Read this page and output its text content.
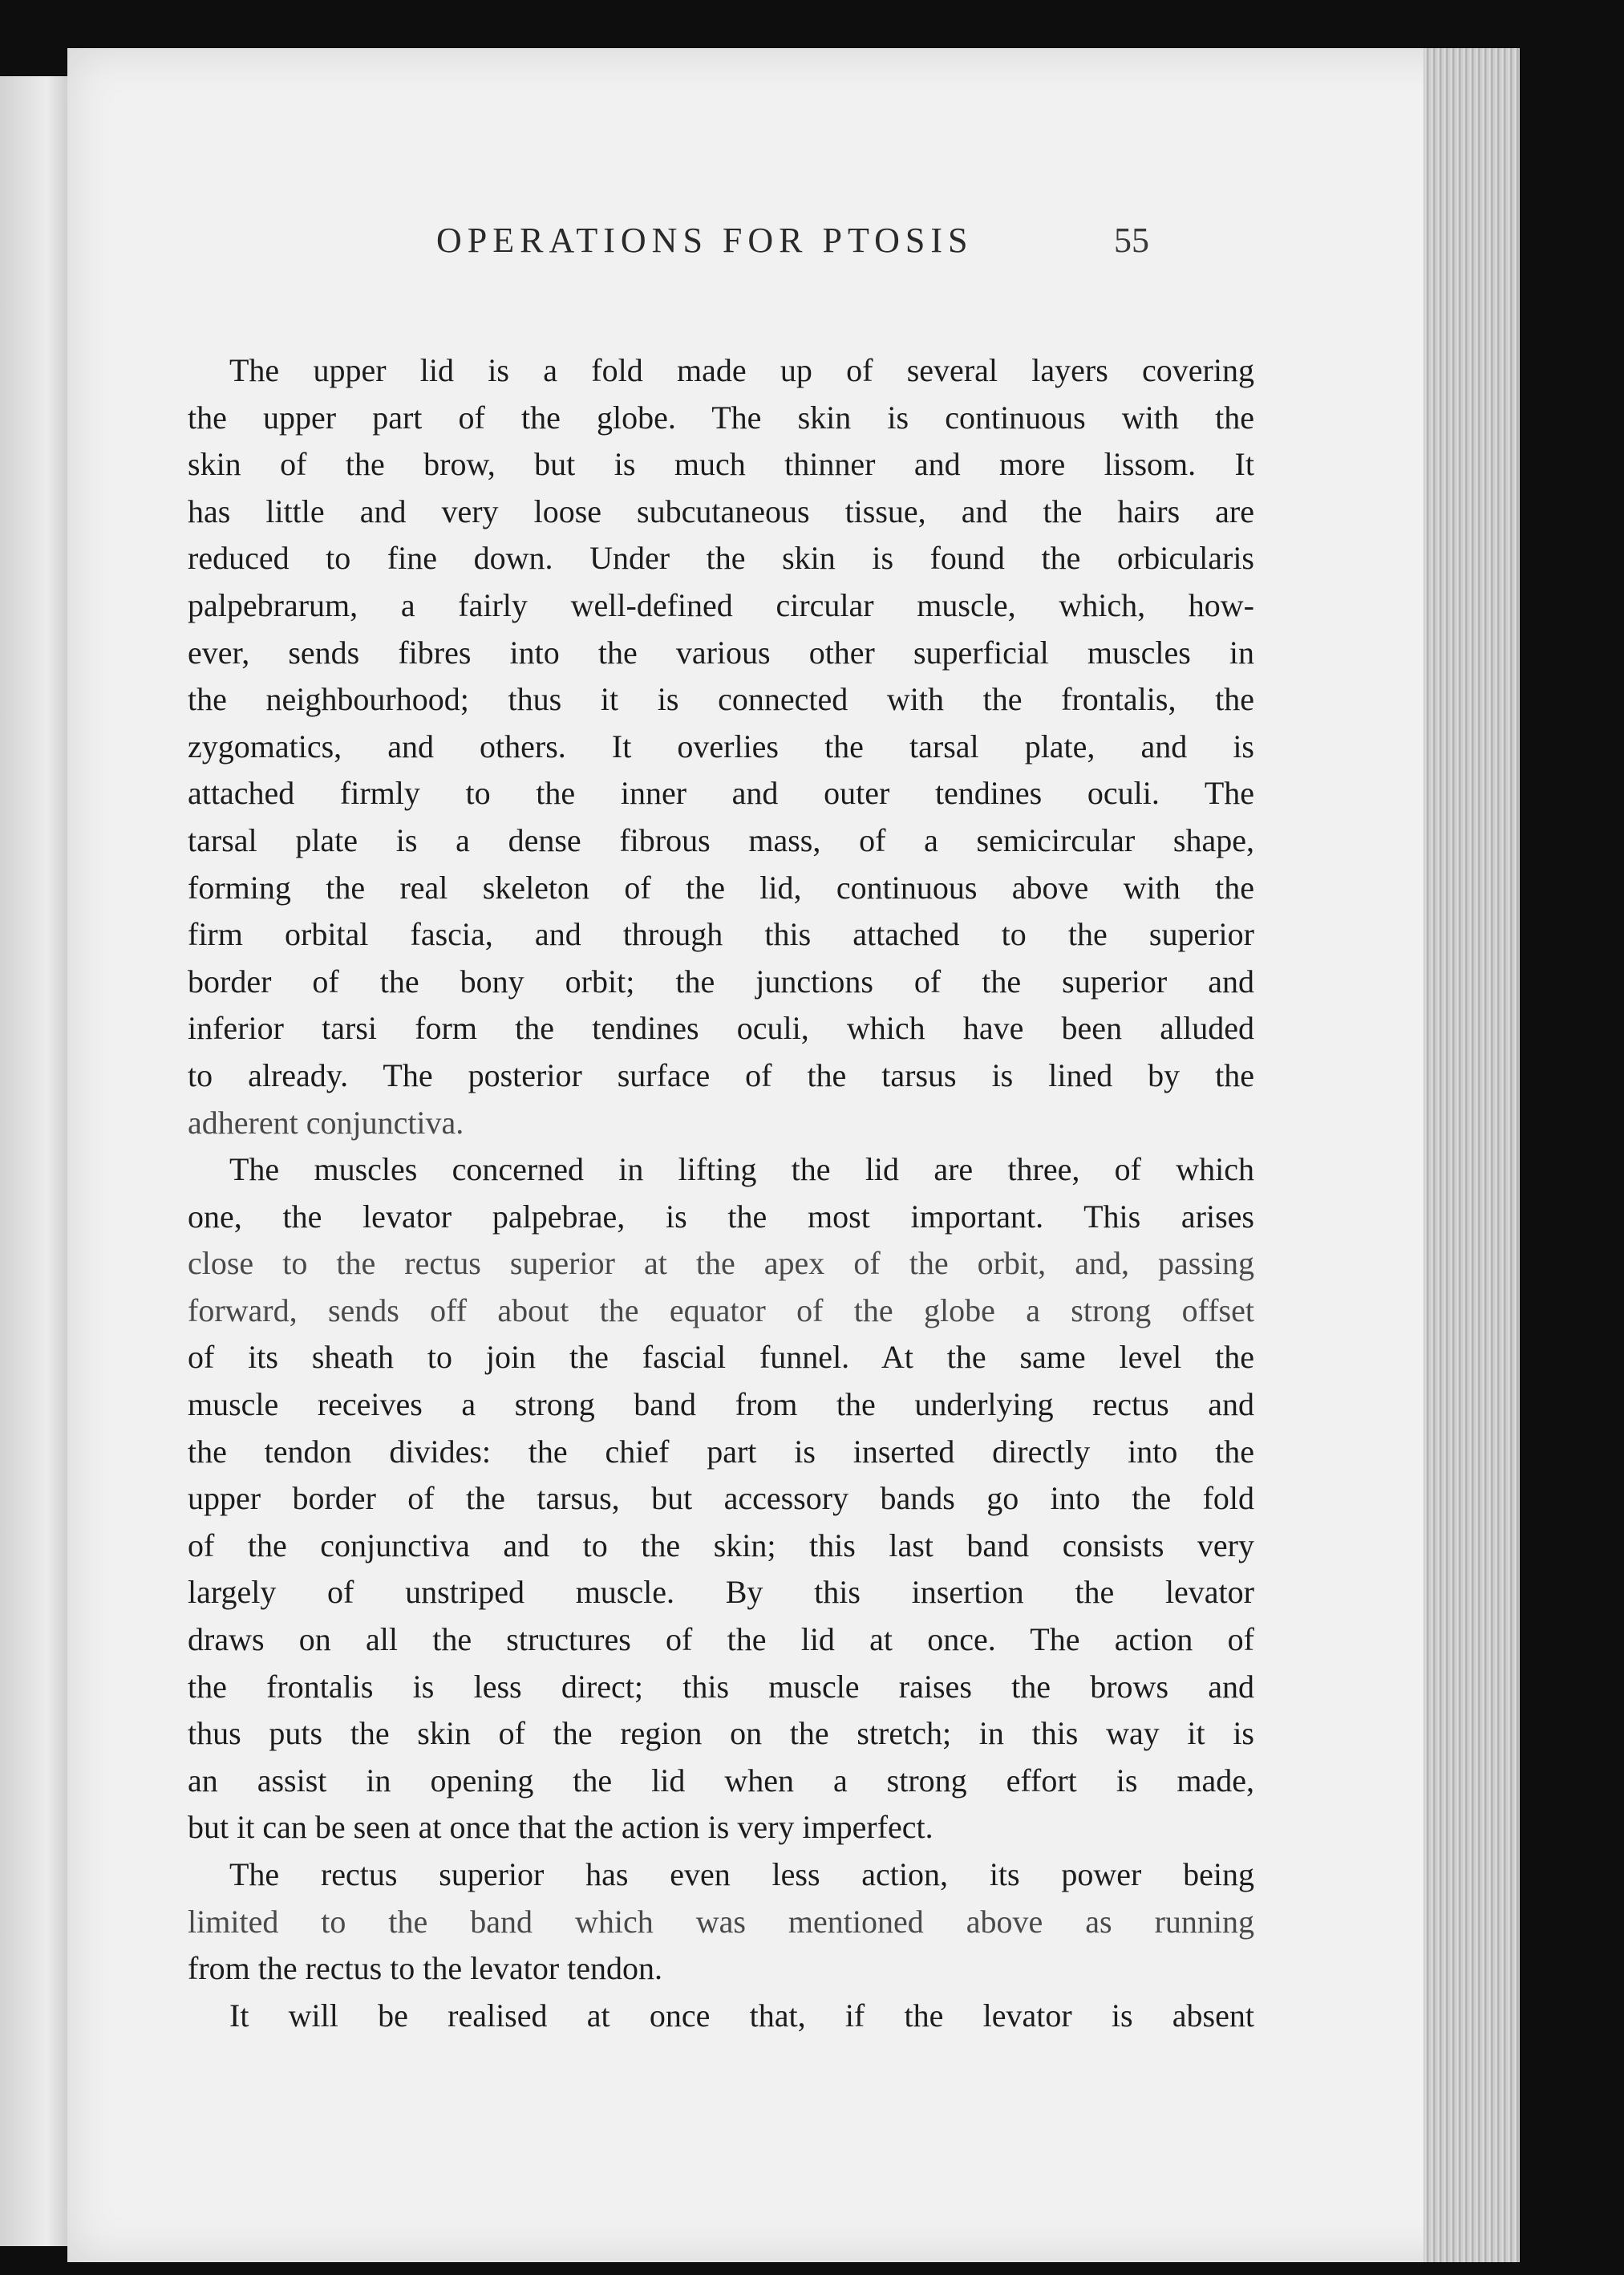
OPERATIONS FOR PTOSIS	55
The upper lid is a fold made up of several layers covering
the upper part of the globe. The skin is continuous with the
skin of the brow, but is much thinner and more lissom. It
has little and very loose subcutaneous tissue, and the hairs are
reduced to fine down. Under the skin is found the orbicularis
palpebrarum, a fairly well-defined circular muscle, which, how-
ever, sends fibres into the various other superficial muscles in
the neighbourhood; thus it is connected with the frontalis, the
zygomatics, and others. It overlies the tarsal plate, and is
attached firmly to the inner and outer tendines oculi. The
tarsal plate is a dense fibrous mass, of a semicircular shape,
forming the real skeleton of the lid, continuous above with the
firm orbital fascia, and through this attached to the superior
border of the bony orbit; the junctions of the superior and
inferior tarsi form the tendines oculi, which have been alluded
to already. The posterior surface of the tarsus is lined by the
adherent conjunctiva.
The muscles concerned in lifting the lid are three, of which
one, the levator palpebrae, is the most important. This arises
close to the rectus superior at the apex of the orbit, and, passing
forward, sends off about the equator of the globe a strong offset
of its sheath to join the fascial funnel. At the same level the
muscle receives a strong band from the underlying rectus and
the tendon divides: the chief part is inserted directly into the
upper border of the tarsus, but accessory bands go into the fold
of the conjunctiva and to the skin; this last band consists very
largely of unstriped muscle. By this insertion the levator
draws on all the structures of the lid at once. The action of
the frontalis is less direct; this muscle raises the brows and
thus puts the skin of the region on the stretch; in this way it is
an assist in opening the lid when a strong effort is made,
but it can be seen at once that the action is very imperfect.
The rectus superior has even less action, its power being
limited to the band which was mentioned above as running
from the rectus to the levator tendon.
It will be realised at once that, if the levator is absent
